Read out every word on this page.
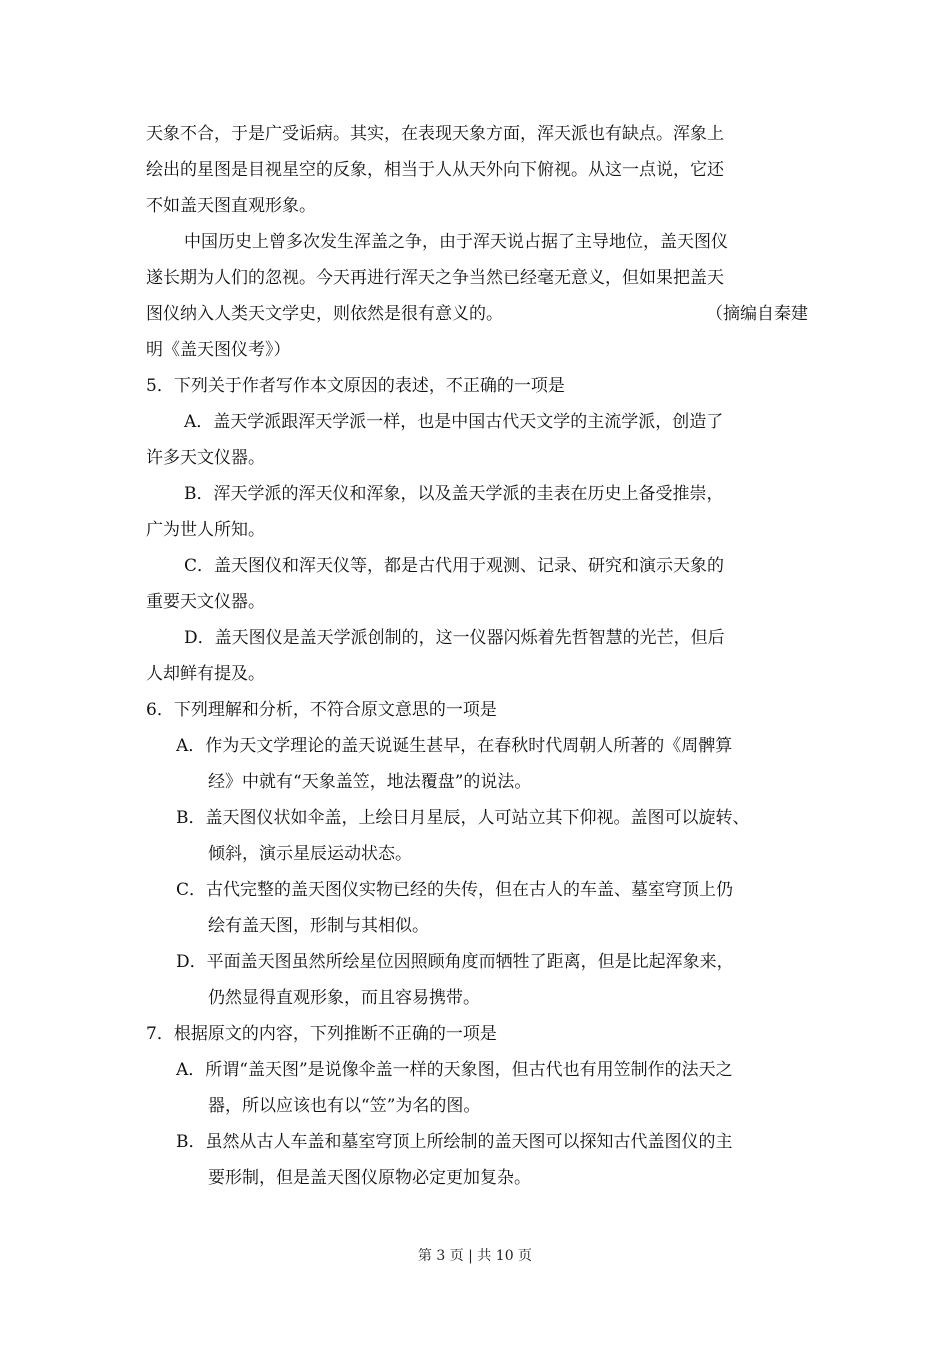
天象不合，于是广受诟病。其实，在表现天象方面，浑天派也有缺点。浑象上
绘出的星图是目视星空的反象，相当于人从天外向下俯视。从这一点说，它还
不如盖天图直观形象。
中国历史上曾多次发生浑盖之争，由于浑天说占据了主导地位，盖天图仪
遂长期为人们的忽视。今天再进行浑天之争当然已经毫无意义，但如果把盖天
图仪纳入人类天文学史，则依然是很有意义的。	（摘编自秦建
明《盖天图仪考》）
5．下列关于作者写作本文原因的表述，不正确的一项是
A．盖天学派跟浑天学派一样，也是中国古代天文学的主流学派，创造了
许多天文仪器。
B．浑天学派的浑天仪和浑象，以及盖天学派的圭表在历史上备受推崇，
广为世人所知。
C．盖天图仪和浑天仪等，都是古代用于观测、记录、研究和演示天象的
重要天文仪器。
D．盖天图仪是盖天学派创制的，这一仪器闪烁着先哲智慧的光芒，但后
人却鲜有提及。
6．下列理解和分析，不符合原文意思的一项是
A．作为天文学理论的盖天说诞生甚早，在春秋时代周朝人所著的《周髀算
经》中就有“天象盖笠，地法覆盘”的说法。
B．盖天图仪状如伞盖，上绘日月星辰，人可站立其下仰视。盖图可以旋转、
倾斜，演示星辰运动状态。
C．古代完整的盖天图仪实物已经的失传，但在古人的车盖、墓室穹顶上仍
绘有盖天图，形制与其相似。
D．平面盖天图虽然所绘星位因照顾角度而牺牲了距离，但是比起浑象来，
仍然显得直观形象，而且容易携带。
7．根据原文的内容，下列推断不正确的一项是
A．所谓“盖天图”是说像伞盖一样的天象图，但古代也有用笠制作的法天之
器，所以应该也有以“笠”为名的图。
B．虽然从古人车盖和墓室穹顶上所绘制的盖天图可以探知古代盖图仪的主
要形制，但是盖天图仪原物必定更加复杂。
第 3 页 | 共 10 页
